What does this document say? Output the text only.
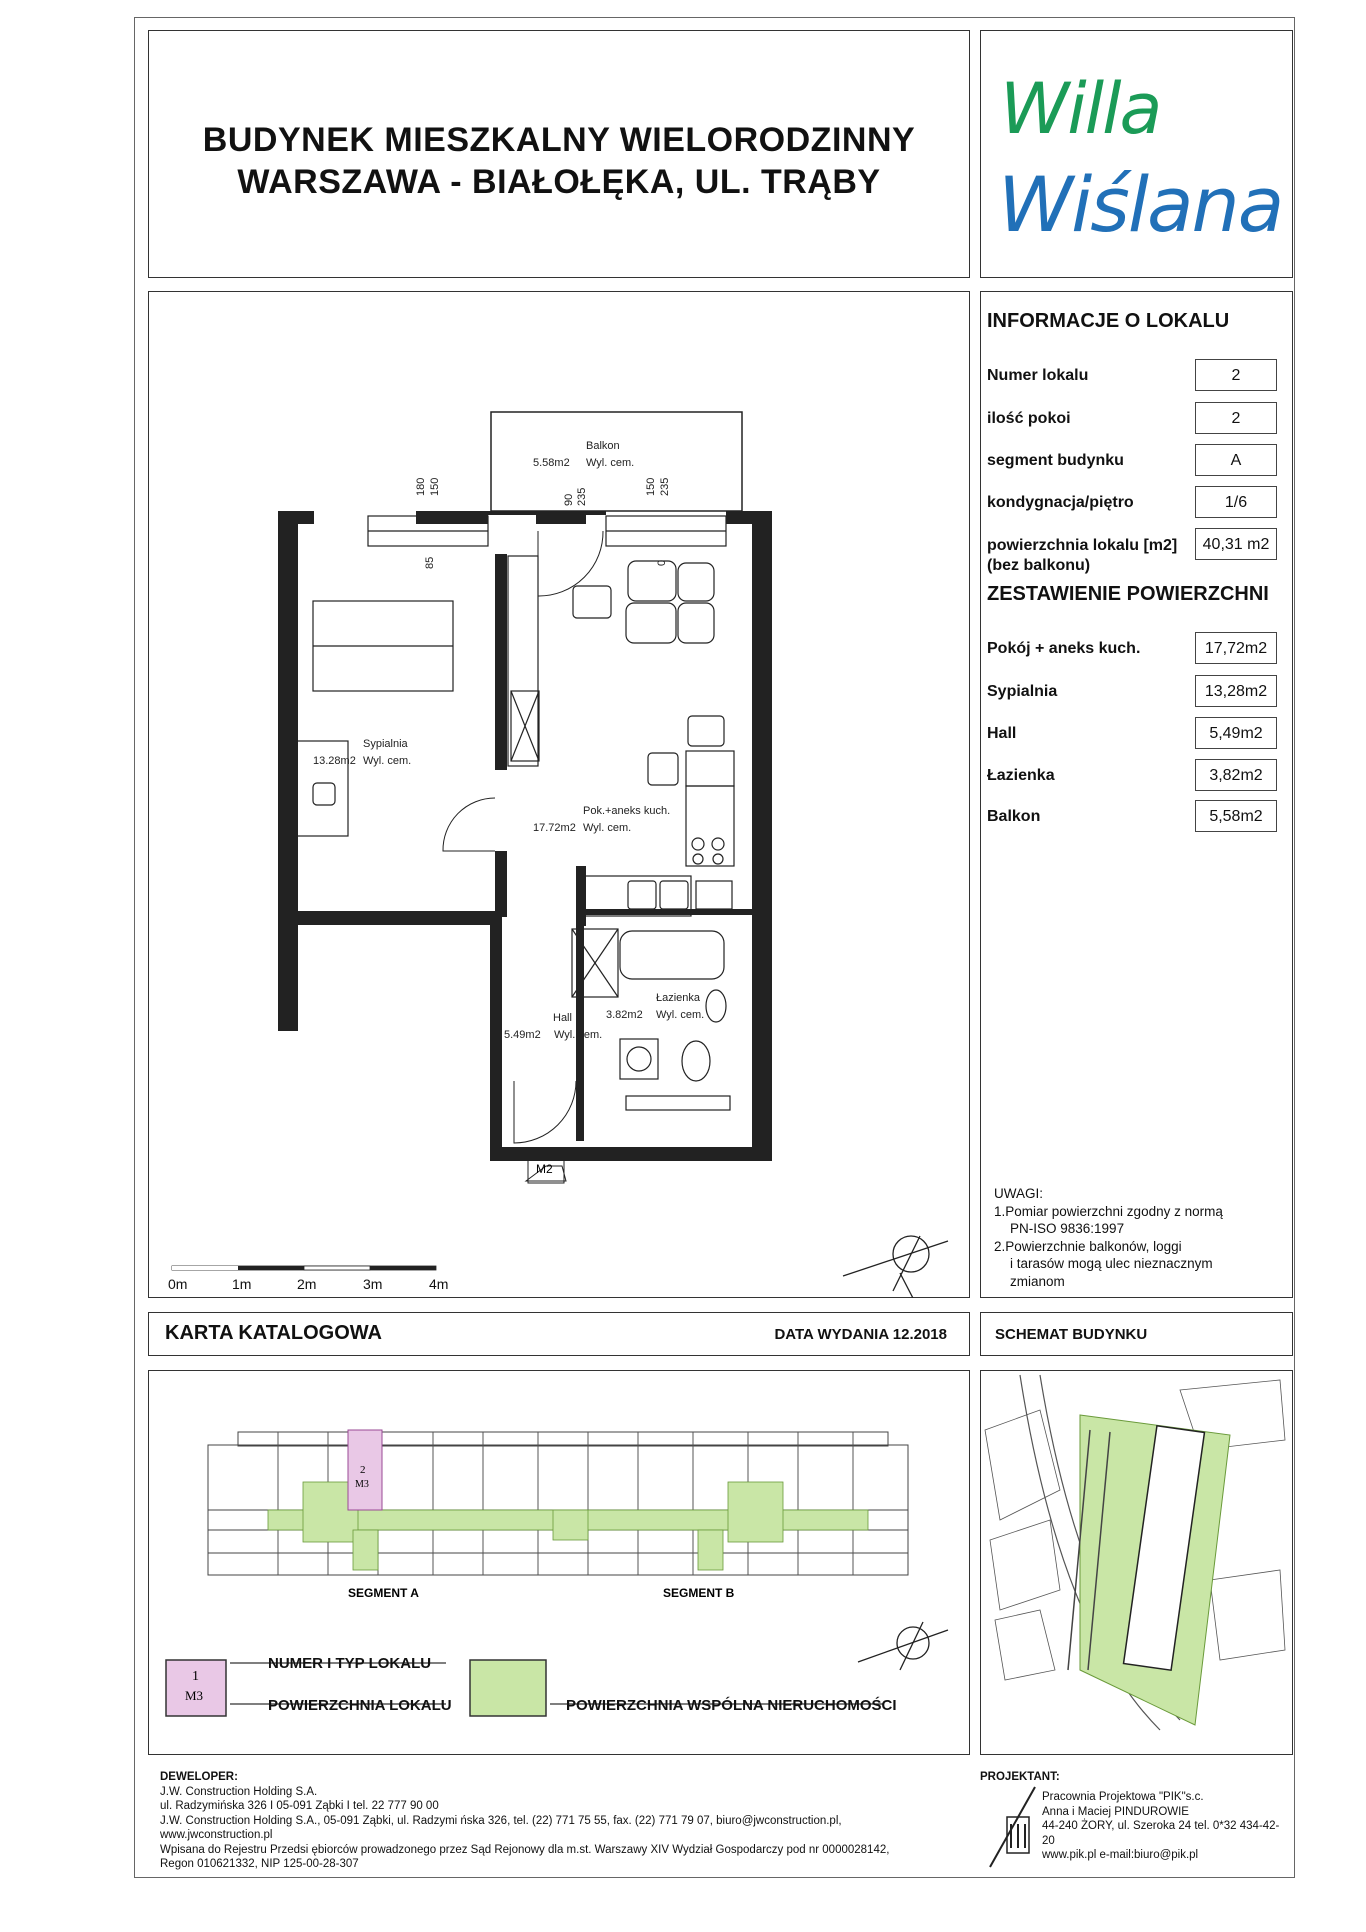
BUDYNEK MIESZKALNY WIELORODZINNY
WARSZAWA - BIAŁOŁĘKA, UL. TRĄBY
Willa
Wiślana
INFORMACJE O LOKALU
Numer lokalu	2
ilość pokoi	2
segment budynku	A
kondygnacja/piętro	1/6
powierzchnia lokalu [m2]
(bez balkonu)
40,31 m2
ZESTAWIENIE POWIERZCHNI
Pokój + aneks kuch.	17,72m2
Sypialnia	13,28m2
Hall	5,49m2
Łazienka	3,82m2
Balkon	5,58m2
UWAGI:
1.Pomiar powierzchni zgodny z normą
PN-ISO 9836:1997
2.Powierzchnie balkonów, loggi
i tarasów mogą ulec nieznacznym
zmianom
Balkon
5.58m2 Wyl. cem.
Sypialnia
13.28m2 Wyl. cem.
Pok.+aneks kuch.
17.72m2 Wyl. cem.
Łazienka
3.82m2 Wyl. cem.
Hall
5.49m2 Wyl. cem.
180 150
85
90 235
150 235
0
M2
0m	1m	2m	3m	4m
KARTA KATALOGOWA	DATA WYDANIA 12.2018	SCHEMAT BUDYNKU
2
M3
SEGMENT A	SEGMENT B
1
M3
NUMER I TYP LOKALU
POWIERZCHNIA LOKALU	POWIERZCHNIA WSPÓLNA NIERUCHOMOŚCI
DEWELOPER:
J.W. Construction Holding S.A.
ul. Radzymińska 326 I 05-091 Ząbki I tel. 22 777 90 00
J.W. Construction Holding S.A., 05-091 Ząbki, ul. Radzymi ńska 326, tel. (22) 771 75 55, fax. (22) 771 79 07, biuro@jwconstruction.pl, www.jwconstruction.pl
Wpisana do Rejestru Przedsi ębiorców prowadzonego przez Sąd Rejonowy dla m.st. Warszawy XIV Wydział Gospodarczy pod nr 0000028142,
Regon 010621332, NIP 125-00-28-307
PROJEKTANT:
Pracownia Projektowa "PIK"s.c.
Anna i Maciej PINDUROWIE
44-240 ŻORY, ul. Szeroka 24 tel. 0*32 434-42-20
www.pik.pl e-mail:biuro@pik.pl
